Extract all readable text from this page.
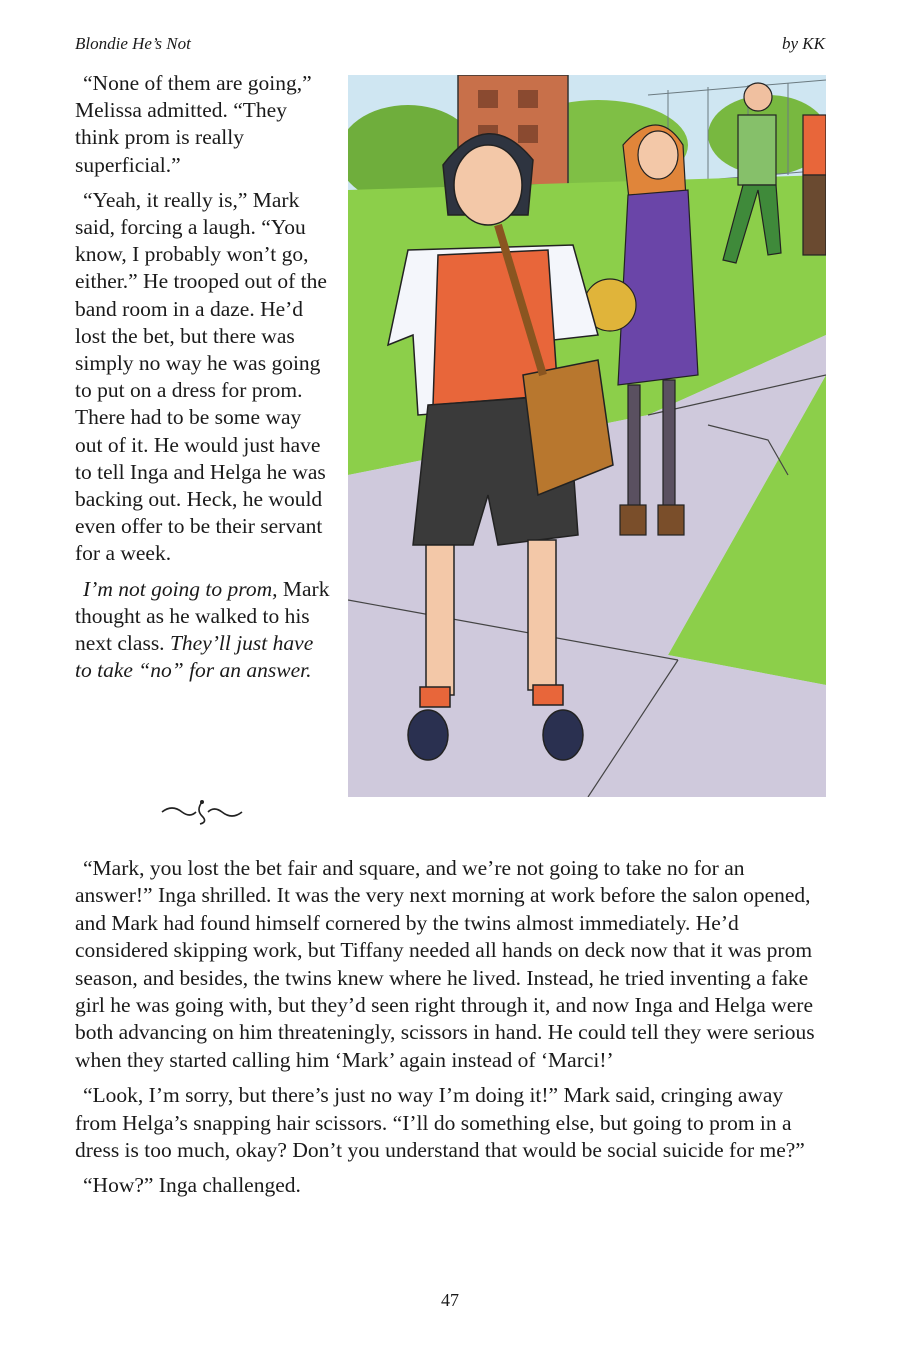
Blondie He’s Not	by KK

“None of them are going,” Melissa admitted. “They think prom is really superficial.”

“Yeah, it really is,” Mark said, forcing a laugh. “You know, I probably won’t go, either.” He trooped out of the band room in a daze. He’d lost the bet, but there was simply no way he was going to put on a dress for prom. There had to be some way out of it. He would just have to tell Inga and Helga he was backing out. Heck, he would even offer to be their servant for a week.

I’m not going to prom, Mark thought as he walked to his next class. They’ll just have to take “no” for an answer.

“Mark, you lost the bet fair and square, and we’re not going to take no for an answer!” Inga shrilled. It was the very next morning at work before the salon opened, and Mark had found himself cornered by the twins almost immediately. He’d considered skipping work, but Tiffany needed all hands on deck now that it was prom season, and besides, the twins knew where he lived. Instead, he tried inventing a fake girl he was going with, but they’d seen right through it, and now Inga and Helga were both advancing on him threateningly, scissors in hand. He could tell they were serious when they started calling him ‘Mark’ again instead of ‘Marci!’

“Look, I’m sorry, but there’s just no way I’m doing it!” Mark said, cringing away from Helga’s snapping hair scissors. “I’ll do something else, but going to prom in a dress is too much, okay? Don’t you understand that would be social suicide for me?”

“How?” Inga challenged.

47
